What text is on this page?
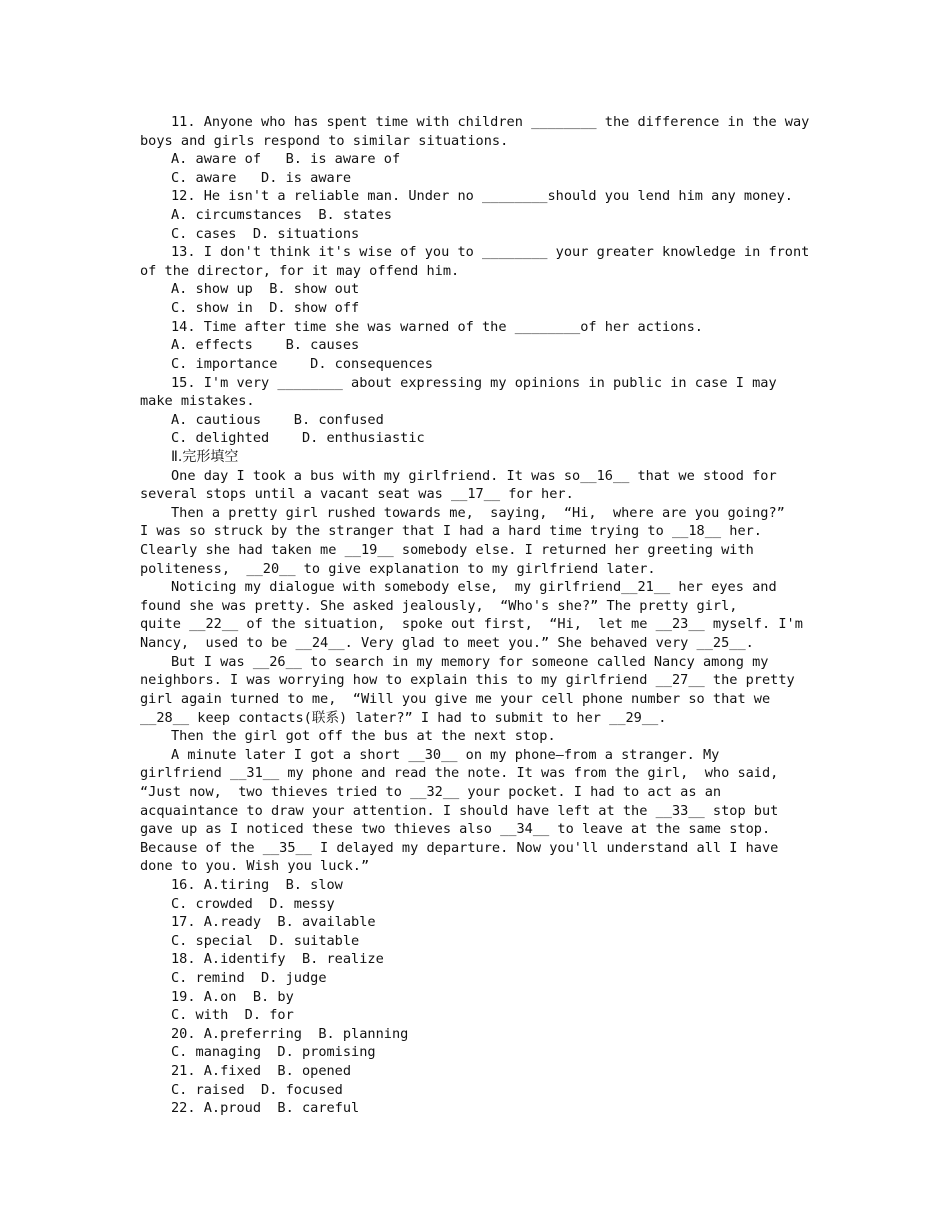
11. Anyone who has spent time with children ________ the difference in the way
boys and girls respond to similar situations.
A. aware of   B. is aware of
C. aware   D. is aware
12. He isn't a reliable man. Under no ________should you lend him any money.
A. circumstances  B. states
C. cases  D. situations
13. I don't think it's wise of you to ________ your greater knowledge in front
of the director, for it may offend him.
A. show up  B. show out
C. show in  D. show off
14. Time after time she was warned of the ________of her actions.
A. effects    B. causes
C. importance    D. consequences
15. I'm very ________ about expressing my opinions in public in case I may
make mistakes.
A. cautious    B. confused
C. delighted    D. enthusiastic
Ⅱ.完形填空
One day I took a bus with my girlfriend. It was so__16__ that we stood for
several stops until a vacant seat was __17__ for her.
Then a pretty girl rushed towards me,  saying,  “Hi,  where are you going?”
I was so struck by the stranger that I had a hard time trying to __18__ her.
Clearly she had taken me __19__ somebody else. I returned her greeting with
politeness,  __20__ to give explanation to my girlfriend later.
Noticing my dialogue with somebody else,  my girlfriend__21__ her eyes and
found she was pretty. She asked jealously,  “Who's she?” The pretty girl,
quite __22__ of the situation,  spoke out first,  “Hi,  let me __23__ myself. I'm
Nancy,  used to be __24__. Very glad to meet you.” She behaved very __25__.
But I was __26__ to search in my memory for someone called Nancy among my
neighbors. I was worrying how to explain this to my girlfriend __27__ the pretty
girl again turned to me,  “Will you give me your cell phone number so that we
__28__ keep contacts(联系) later?” I had to submit to her __29__.
Then the girl got off the bus at the next stop.
A minute later I got a short __30__ on my phone—from a stranger. My
girlfriend __31__ my phone and read the note. It was from the girl,  who said,
“Just now,  two thieves tried to __32__ your pocket. I had to act as an
acquaintance to draw your attention. I should have left at the __33__ stop but
gave up as I noticed these two thieves also __34__ to leave at the same stop.
Because of the __35__ I delayed my departure. Now you'll understand all I have
done to you. Wish you luck.”
16. A.tiring  B. slow
C. crowded  D. messy
17. A.ready  B. available
C. special  D. suitable
18. A.identify  B. realize
C. remind  D. judge
19. A.on  B. by
C. with  D. for
20. A.preferring  B. planning
C. managing  D. promising
21. A.fixed  B. opened
C. raised  D. focused
22. A.proud  B. careful
